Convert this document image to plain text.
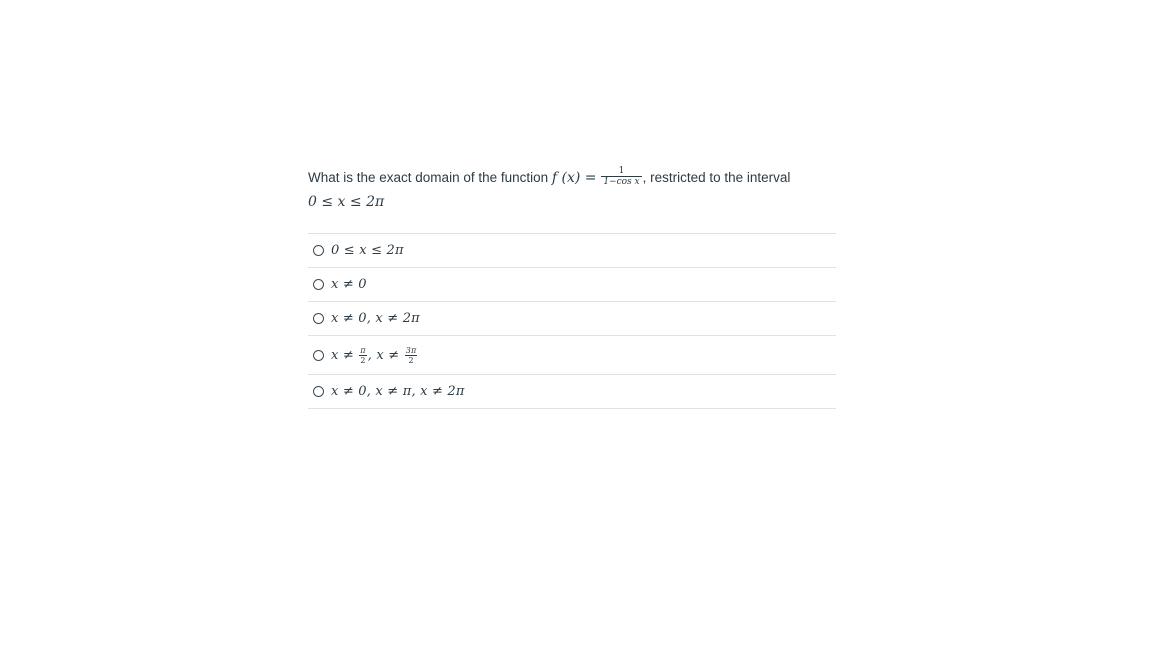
What is the exact domain of the function f $(x) = \frac{1}{\text{1−cos x}}$ , restricted to the interval
0 ≤ x ≤ 2π
0 ≤ x ≤ 2π
x ≠ 0
x ≠ 0, x ≠ 2π
$x \ne \frac{\pi}{2}$ , $x \ne \frac{3\pi}{2}$
x ≠ 0, x ≠ π, x ≠ 2π
